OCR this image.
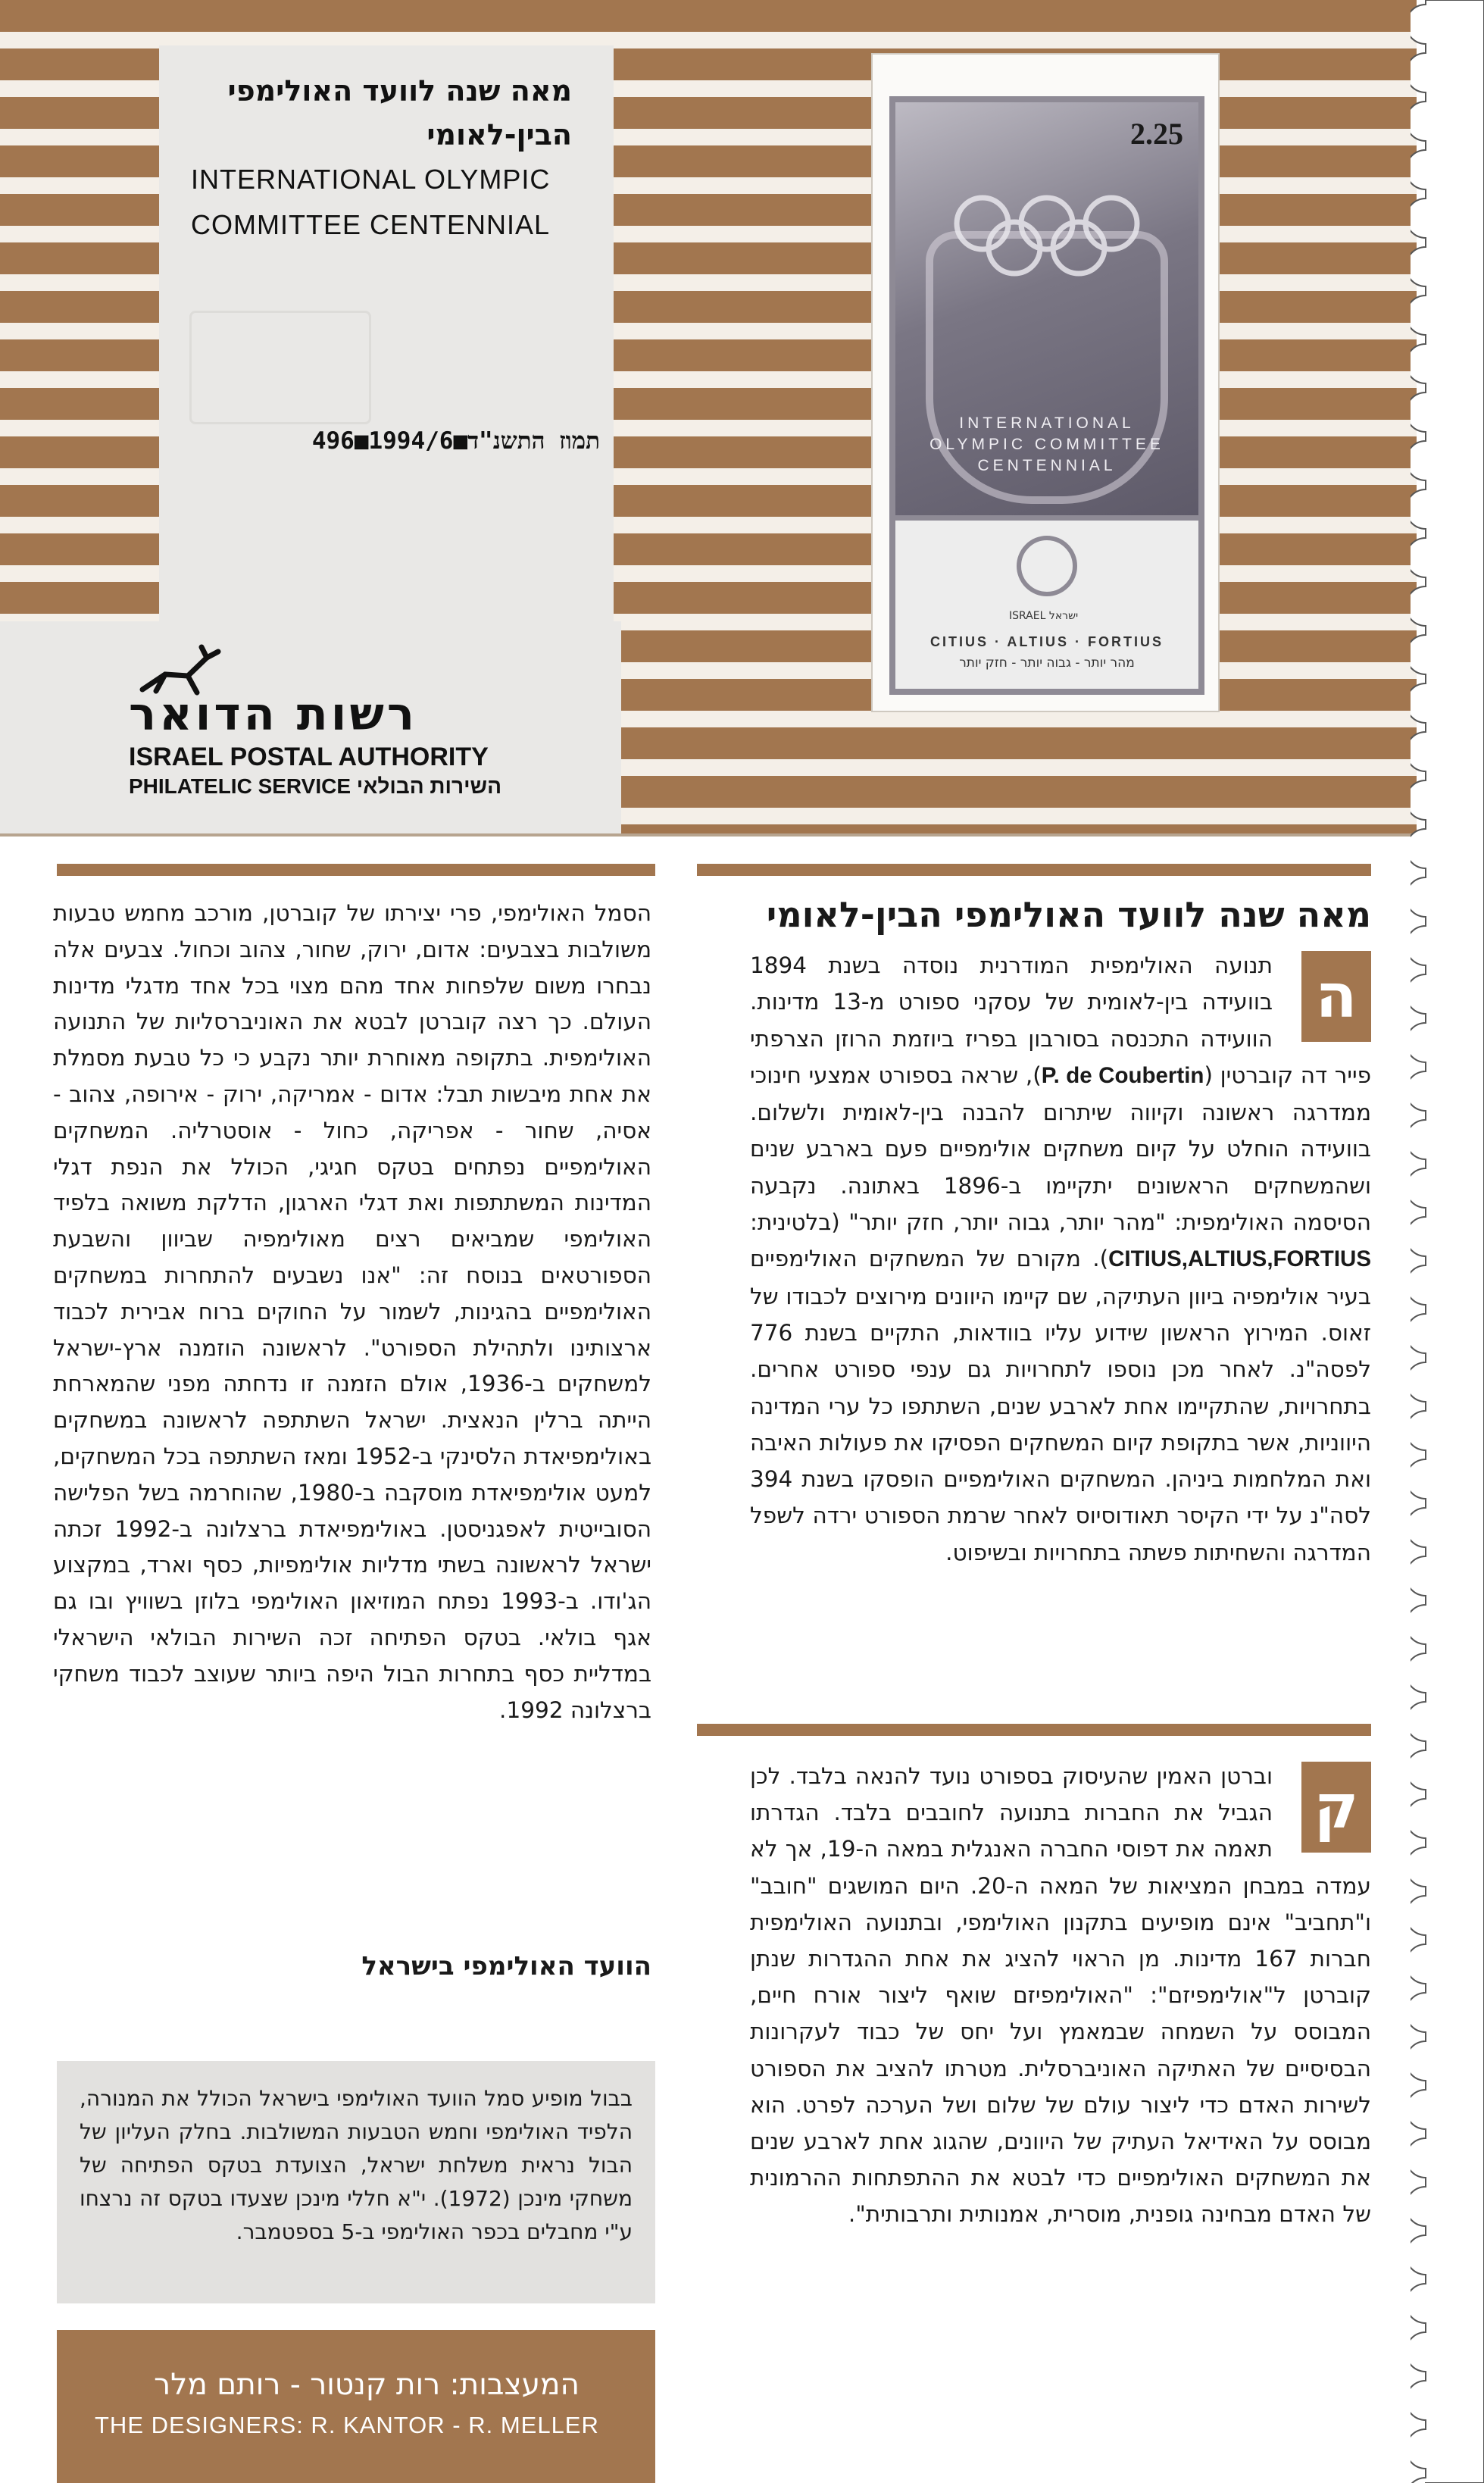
מאה שנה לוועד האולימפי
הבין-לאומי
INTERNATIONAL OLYMPIC
COMMITTEE CENTENNIAL
496■1994/6■תמוז התשנ"ד
2.25
INTERNATIONAL
OLYMPIC COMMITTEE
CENTENNIAL
ISRAEL ישראל
CITIUS · ALTIUS · FORTIUS
מהר יותר - גבוה יותר - חזק יותר
רשות הדואר
ISRAEL POSTAL AUTHORITY
PHILATELIC SERVICE השירות הבולאי
מאה שנה לוועד האולימפי הבין-לאומי
ה

תנועה האולימפית המודרנית נוסדה בשנת 1894 בוועידה בין-לאומית של עסקני ספורט מ-13 מדינות. הוועידה התכנסה בסורבון בפריז ביוזמת הרוזן הצרפתי פייר דה קוברטין (P. de Coubertin), שראה בספורט אמצעי חינוכי ממדרגה ראשונה וקיווה שיתרום להבנה בין-לאומית ולשלום. בוועידה הוחלט על קיום משחקים אולימפיים פעם בארבע שנים ושהמשחקים הראשונים יתקיימו ב-1896 באתונה. נקבעה הסיסמה האולימפית: "מהר יותר, גבוה יותר, חזק יותר" (בלטינית: CITIUS,ALTIUS,FORTIUS). מקורם של המשחקים האולימפיים בעיר אולימפיה ביוון העתיקה, שם קיימו היוונים מירוצים לכבודו של זאוס. המירוץ הראשון שידוע עליו בוודאות, התקיים בשנת 776 לפסה"נ. לאחר מכן נוספו לתחרויות גם ענפי ספורט אחרים. בתחרויות, שהתקיימו אחת לארבע שנים, השתתפו כל ערי המדינה היווניות, אשר בתקופת קיום המשחקים הפסיקו את פעולות האיבה ואת המלחמות ביניהן. המשחקים האולימפיים הופסקו בשנת 394 לסה"נ על ידי הקיסר תאודוסיוס לאחר שרמת הספורט ירדה לשפל המדרגה והשחיתות פשתה בתחרויות ובשיפוט.

ק

וברטן האמין שהעיסוק בספורט נועד להנאה בלבד. לכן הגביל את החברות בתנועה לחובבים בלבד. הגדרתו תאמה את דפוסי החברה האנגלית במאה ה-19, אך לא עמדה במבחן המציאות של המאה ה-20. היום המושגים "חובב" ו"תחביב" אינם מופיעים בתקנון האולימפי, ובתנועה האולימפית חברות 167 מדינות. מן הראוי להציג את אחת ההגדרות שנתן קוברטן ל"אולימפיזם": "האולימפיזם שואף ליצור אורח חיים, המבוסס על השמחה שבמאמץ ועל יחס של כבוד לעקרונות הבסיסיים של האתיקה האוניברסלית. מטרתו להציב את הספורט לשירות האדם כדי ליצור עולם של שלום ושל הערכה לפרט. הוא מבוסס על האידיאל העתיק של היוונים, שהגוג אחת לארבע שנים את המשחקים האולימפיים כדי לבטא את ההתפתחות ההרמונית של האדם מבחינה גופנית, מוסרית, אמנותית ותרבותית".

הסמל האולימפי, פרי יצירתו של קוברטן, מורכב מחמש טבעות משולבות בצבעים: אדום, ירוק, שחור, צהוב וכחול. צבעים אלה נבחרו משום שלפחות אחד מהם מצוי בכל אחד מדגלי מדינות העולם. כך רצה קוברטן לבטא את האוניברסליות של התנועה האולימפית. בתקופה מאוחרת יותר נקבע כי כל טבעת מסמלת את אחת מיבשות תבל: אדום - אמריקה, ירוק - אירופה, צהוב - אסיה, שחור - אפריקה, כחול - אוסטרליה. המשחקים האולימפיים נפתחים בטקס חגיגי, הכולל את הנפת דגלי המדינות המשתתפות ואת דגלי הארגון, הדלקת משואה בלפיד האולימפי שמביאים רצים מאולימפיה שביוון והשבעת הספורטאים בנוסח זה: "אנו נשבעים להתחרות במשחקים האולימפיים בהגינות, לשמור על החוקים ברוח אבירית לכבוד ארצותינו ולתהילת הספורט". לראשונה הוזמנה ארץ-ישראל למשחקים ב-1936, אולם הזמנה זו נדחתה מפני שהמארחת הייתה ברלין הנאצית. ישראל השתתפה לראשונה במשחקים באולימפיאדת הלסינקי ב-1952 ומאז השתתפה בכל המשחקים, למעט אולימפיאדת מוסקבה ב-1980, שהוחרמה בשל הפלישה הסובייטית לאפגניסטן. באולימפיאדת ברצלונה ב-1992 זכתה ישראל לראשונה בשתי מדליות אולימפיות, כסף וארד, במקצוע הג'ודו. ב-1993 נפתח המוזיאון האולימפי בלוזן בשוויץ ובו גם אגף בולאי. בטקס הפתיחה זכה השירות הבולאי הישראלי במדליית כסף בתחרות הבול היפה ביותר שעוצב לכבוד משחקי ברצלונה 1992.

הוועד האולימפי בישראל

בבול מופיע סמל הוועד האולימפי בישראל הכולל את המנורה, הלפיד האולימפי וחמש הטבעות המשולבות. בחלק העליון של הבול נראית משלחת ישראל, הצועדת בטקס הפתיחה של משחקי מינכן (1972). י"א חללי מינכן שצעדו בטקס זה נרצחו ע"י מחבלים בכפר האולימפי ב-5 בספטמבר.

המעצבות: רות קנטור - רותם מלר
THE DESIGNERS: R. KANTOR - R. MELLER
